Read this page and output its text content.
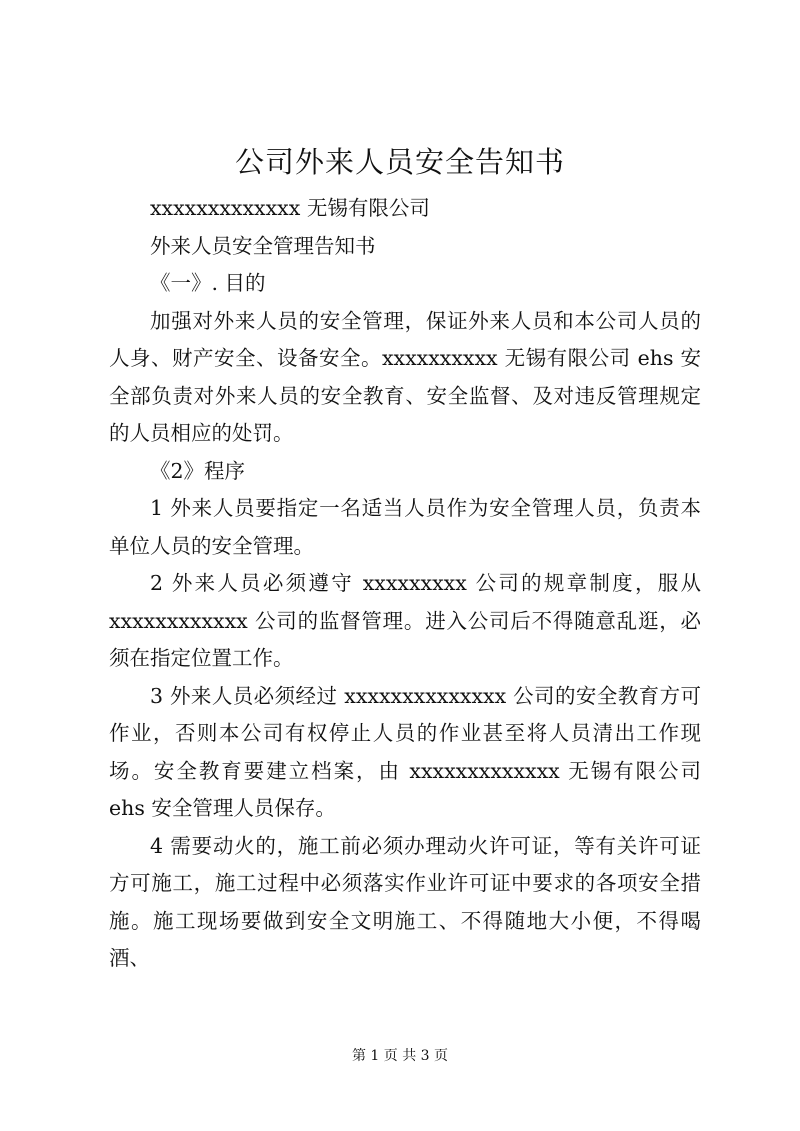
公司外来人员安全告知书

xxxxxxxxxxxxx 无锡有限公司

外来人员安全管理告知书

《一》. 目的

加强对外来人员的安全管理，保证外来人员和本公司人员的人身、财产安全、设备安全。xxxxxxxxxx 无锡有限公司 ehs 安全部负责对外来人员的安全教育、安全监督、及对违反管理规定的人员相应的处罚。

《2》程序

1 外来人员要指定一名适当人员作为安全管理人员，负责本单位人员的安全管理。

2 外来人员必须遵守 xxxxxxxxx 公司的规章制度，服从 xxxxxxxxxxxx 公司的监督管理。进入公司后不得随意乱逛，必须在指定位置工作。

3 外来人员必须经过 xxxxxxxxxxxxxx 公司的安全教育方可作业，否则本公司有权停止人员的作业甚至将人员清出工作现场。安全教育要建立档案，由 xxxxxxxxxxxxx 无锡有限公司 ehs 安全管理人员保存。

4 需要动火的，施工前必须办理动火许可证，等有关许可证方可施工，施工过程中必须落实作业许可证中要求的各项安全措施。施工现场要做到安全文明施工、不得随地大小便，不得喝酒、

第 1 页 共 3 页
